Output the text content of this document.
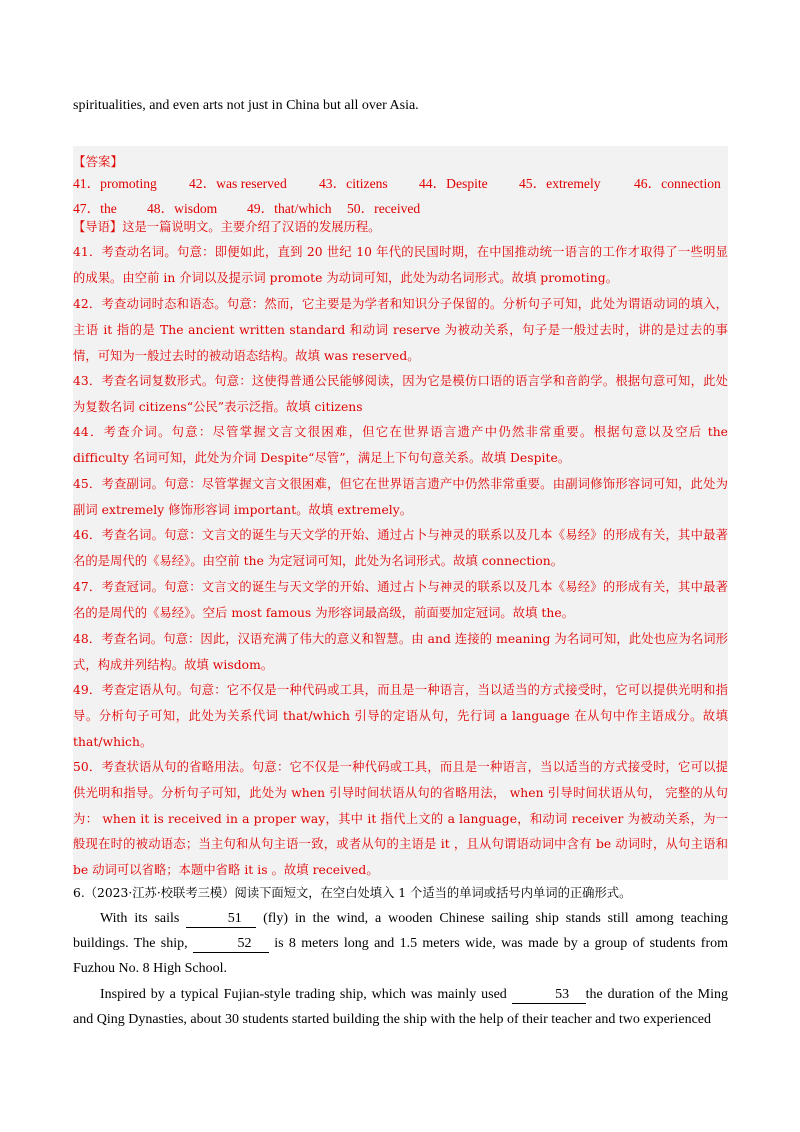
spiritualities, and even arts not just in China but all over Asia.
【答案】
41．promoting 42．was reserved 43．citizens 44．Despite 45．extremely 46．connection
47．the 48．wisdom 49．that/which 50．received
【导语】这是一篇说明文。主要介绍了汉语的发展历程。
41．考查动名词。句意：即便如此，直到 20 世纪 10 年代的民国时期，在中国推动统一语言的工作才取得了一些明显的成果。由空前 in 介词以及提示词 promote 为动词可知，此处为动名词形式。故填 promoting。
42．考查动词时态和语态。句意：然而，它主要是为学者和知识分子保留的。分析句子可知，此处为谓语动词的填入，主语 it 指的是 The ancient written standard 和动词 reserve 为被动关系，句子是一般过去时，讲的是过去的事情，可知为一般过去时的被动语态结构。故填 was reserved。
43．考查名词复数形式。句意：这使得普通公民能够阅读，因为它是模仿口语的语言学和音韵学。根据句意可知，此处为复数名词 citizens“公民”表示泛指。故填 citizens
44．考查介词。句意：尽管掌握文言文很困难，但它在世界语言遗产中仍然非常重要。根据句意以及空后 the difficulty 名词可知，此处为介词 Despite“尽管”，满足上下句句意关系。故填 Despite。
45．考查副词。句意：尽管掌握文言文很困难，但它在世界语言遗产中仍然非常重要。由副词修饰形容词可知，此处为副词 extremely 修饰形容词 important。故填 extremely。
46．考查名词。句意：文言文的诞生与天文学的开始、通过占卜与神灵的联系以及几本《易经》的形成有关，其中最著名的是周代的《易经》。由空前 the 为定冠词可知，此处为名词形式。故填 connection。
47．考查冠词。句意：文言文的诞生与天文学的开始、通过占卜与神灵的联系以及几本《易经》的形成有关，其中最著名的是周代的《易经》。空后 most famous 为形容词最高级，前面要加定冠词。故填 the。
48．考查名词。句意：因此，汉语充满了伟大的意义和智慧。由 and 连接的 meaning 为名词可知，此处也应为名词形式，构成并列结构。故填 wisdom。
49．考查定语从句。句意：它不仅是一种代码或工具，而且是一种语言，当以适当的方式接受时，它可以提供光明和指导。分析句子可知，此处为关系代词 that/which 引导的定语从句，先行词 a language 在从句中作主语成分。故填 that/which。
50．考查状语从句的省略用法。句意：它不仅是一种代码或工具，而且是一种语言，当以适当的方式接受时，它可以提供光明和指导。分析句子可知，此处为 when 引导时间状语从句的省略用法， when 引导时间状语从句， 完整的从句为： when it is received in a proper way，其中 it 指代上文的 a language，和动词 receiver 为被动关系，为一般现在时的被动语态；当主句和从句主语一致，或者从句的主语是 it ，且从句谓语动词中含有 be 动词时，从句主语和 be 动词可以省略；本题中省略 it is 。故填 received。
6.（2023·江苏·校联考三模）阅读下面短文，在空白处填入 1 个适当的单词或括号内单词的正确形式。
With its sails	51 (fly) in the wind, a wooden Chinese sailing ship stands still among teaching buildings. The ship,	52 is 8 meters long and 1.5 meters wide, was made by a group of students from Fuzhou No. 8 High School.
Inspired by a typical Fujian-style trading ship, which was mainly used	53 the duration of the Ming and Qing Dynasties, about 30 students started building the ship with the help of their teacher and two experienced
